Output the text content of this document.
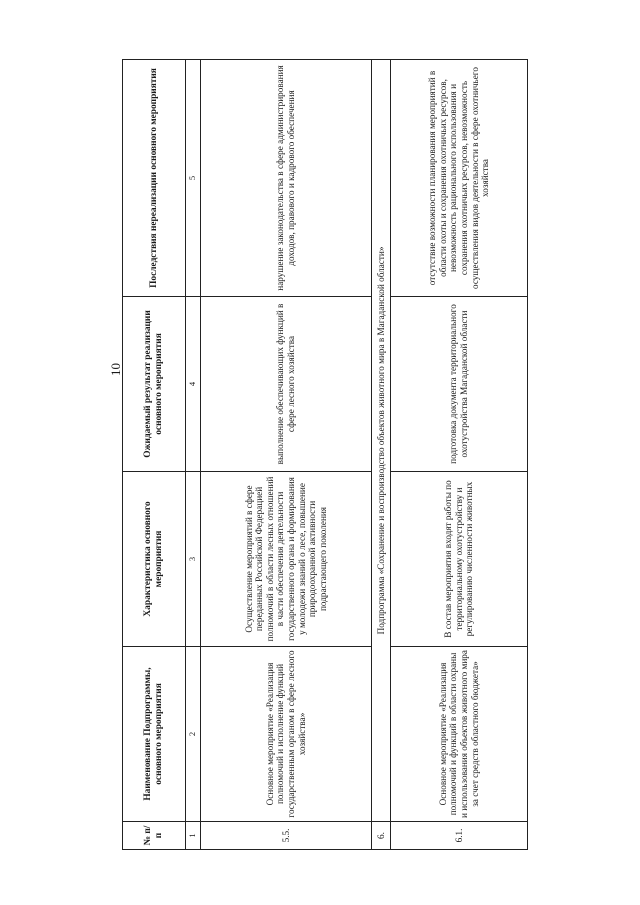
10
№ п/п	Наименование Подпрограммы, основного мероприятия	Характеристика основного мероприятия	Ожидаемый результат реализации основного мероприятия	Последствия нереализации основного мероприятия
1	2	3	4	5
5.5.	Основное мероприятие «Реализация полномочий и исполнение функций государственным органом в сфере лесного хозяйства»	Осуществление мероприятий в сфере переданных Российской Федерацией полномочий в области лесных отношений в части обеспечения деятельности государственного органа и формирования у молодежи знаний о лесе, повышение природоохранной активности подрастающего поколения	выполнение обеспечивающих функций в сфере лесного хозяйства	нарушение законодательства в сфере администрирования доходов, правового и кадрового обеспечения
6.	Подпрограмма «Сохранение и воспроизводство объектов животного мира в Магаданской области»			
6.1.	Основное мероприятие «Реализация полномочий и функций в области охраны и использования объектов животного мира за счет средств областного бюджета»	В состав мероприятия входят работы по территориальному охотустройству и регулированию численности животных	подготовка документа территориального охотустройства Магаданской области	отсутствие возможности планирования мероприятий в области охоты и сохранения охотничьих ресурсов, невозможность рационального использования и сохранения охотничьих ресурсов, невозможность осуществления видов деятельности в сфере охотничьего хозяйства
